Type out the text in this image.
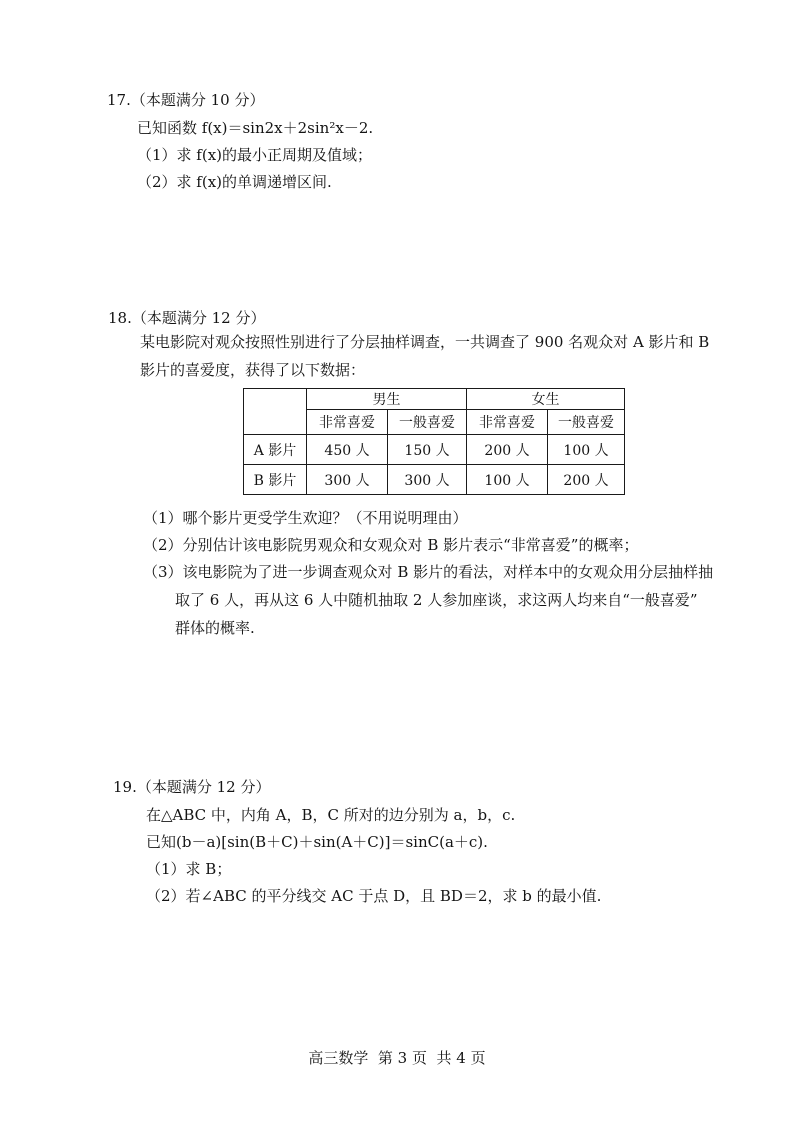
17.（本题满分 10 分）
已知函数 f(x)＝sin2x＋2sin²x－2.
（1）求 f(x)的最小正周期及值域；
（2）求 f(x)的单调递增区间.
18.（本题满分 12 分）
某电影院对观众按照性别进行了分层抽样调查，一共调查了 900 名观众对 A 影片和 B
影片的喜爱度，获得了以下数据：
	男生		女生	
	非常喜爱	一般喜爱	非常喜爱	一般喜爱
A 影片	450 人	150 人	200 人	100 人
B 影片	300 人	300 人	100 人	200 人
（1）哪个影片更受学生欢迎？（不用说明理由）
（2）分别估计该电影院男观众和女观众对 B 影片表示“非常喜爱”的概率；
（3）该电影院为了进一步调查观众对 B 影片的看法，对样本中的女观众用分层抽样抽
取了 6 人，再从这 6 人中随机抽取 2 人参加座谈，求这两人均来自“一般喜爱”
群体的概率.
19.（本题满分 12 分）
在△ABC 中，内角 A，B，C 所对的边分别为 a，b，c.
已知(b－a)[sin(B＋C)＋sin(A＋C)]＝sinC(a＋c).
（1）求 B；
（2）若∠ABC 的平分线交 AC 于点 D，且 BD＝2，求 b 的最小值.
高三数学  第 3 页  共 4 页
